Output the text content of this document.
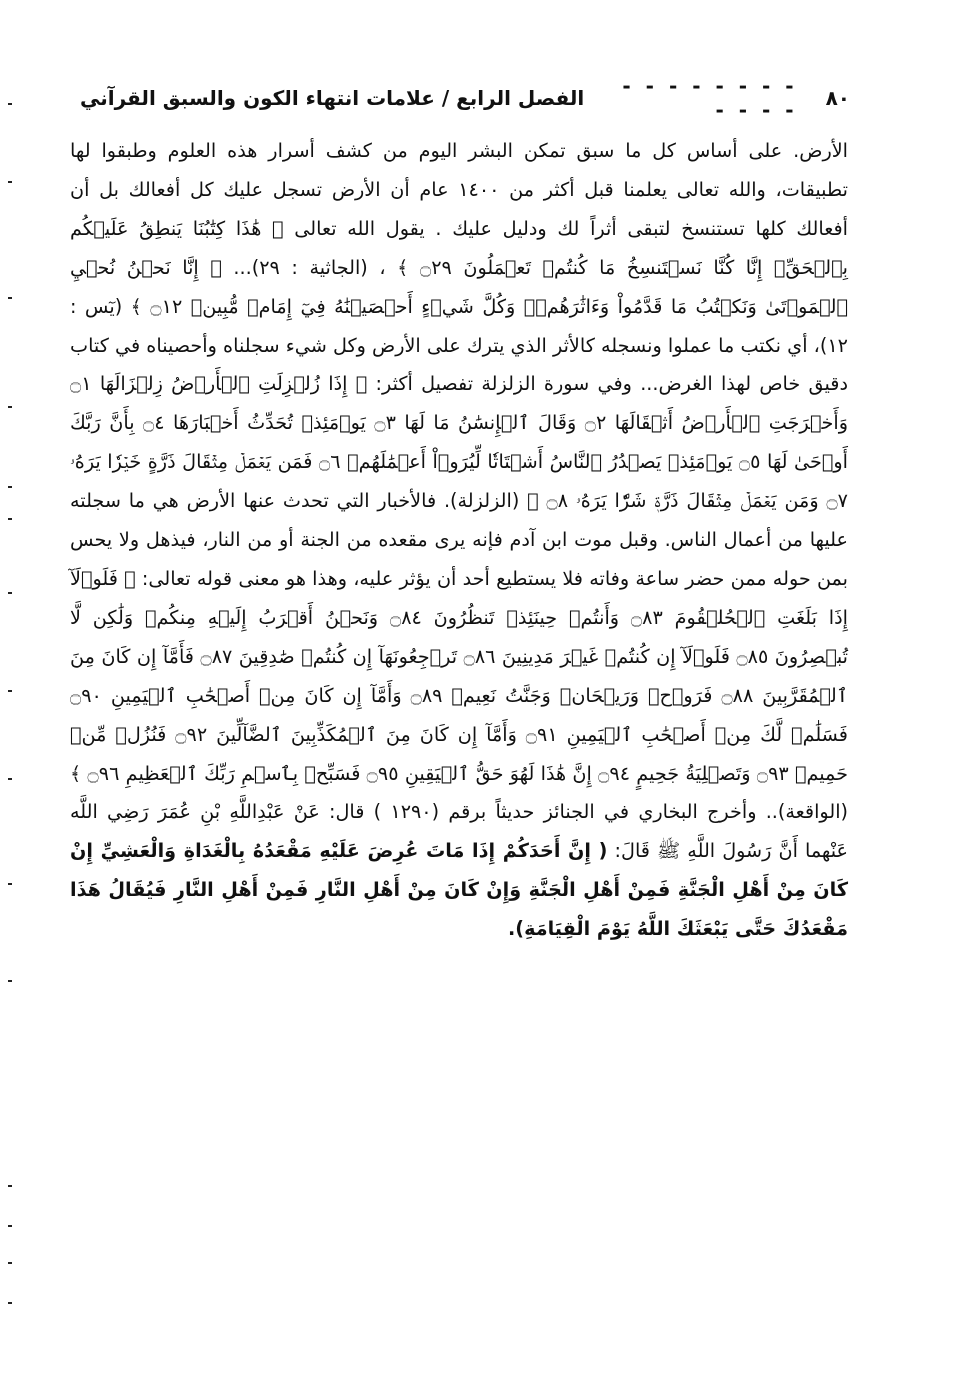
٨٠
- - - - - - - - - - - -
الفصل الرابع / علامات انتهاء الكون والسبق القرآني

الأرض. على أساس كل ما سبق تمكن البشر اليوم من كشف أسرار هذه العلوم وطبقوا لها تطبيقات، والله تعالى يعلمنا قبل أكثر من ١٤٠٠ عام أن الأرض تسجل عليك كل أفعالك بل أن أفعالك كلها تستنسخ لتبقى أثراً لك ودليل عليك . يقول الله تعالى ﴿ هَٰذَا كِتَٰبُنَا يَنطِقُ عَلَيۡكُم بِٱلۡحَقِّۚ إِنَّا كُنَّا نَسۡتَنسِخُ مَا كُنتُمۡ تَعۡمَلُونَ ۝٢٩ ﴾ ، (الجاثية : ٢٩)... ﴿ إِنَّا نَحۡنُ نُحۡيِ ٱلۡمَوۡتَىٰ وَنَكۡتُبُ مَا قَدَّمُواْ وَءَاثَٰرَهُمۡۚ وَكُلَّ شَيۡءٍ أَحۡصَيۡنَٰهُ فِيٓ إِمَامٖ مُّبِينٖ ۝١٢ ﴾ (يٓس : ١٢)، أي نكتب ما عملوا ونسجله كالأثر الذي يترك على الأرض وكل شيء سجلناه وأحصيناه في كتاب دقيق خاص لهذا الغرض... وفي سورة الزلزلة تفصيل أكثر: ﴿ إِذَا زُلۡزِلَتِ ٱلۡأَرۡضُ زِلۡزَالَهَا ۝١ وَأَخۡرَجَتِ ٱلۡأَرۡضُ أَثۡقَالَهَا ۝٢ وَقَالَ ٱلۡإِنسَٰنُ مَا لَهَا ۝٣ يَوۡمَئِذٖ تُحَدِّثُ أَخۡبَارَهَا ۝٤ بِأَنَّ رَبَّكَ أَوۡحَىٰ لَهَا ۝٥ يَوۡمَئِذٖ يَصۡدُرُ ٱلنَّاسُ أَشۡتَاتٗا لِّيُرَوۡاْ أَعۡمَٰلَهُمۡ ۝٦ فَمَن يَعۡمَلۡ مِثۡقَالَ ذَرَّةٍ خَيۡرٗا يَرَهُۥ ۝٧ وَمَن يَعۡمَلۡ مِثۡقَالَ ذَرَّةٖ شَرّٗا يَرَهُۥ ۝٨ ﴾ (الزلزلة). فالأخبار التي تحدث عنها الأرض هي ما سجلته عليها من أعمال الناس. وقبل موت ابن آدم فإنه يرى مقعده من الجنة أو من النار، فيذهل ولا يحس بمن حوله ممن حضر ساعة وفاته فلا يستطيع أحد أن يؤثر عليه، وهذا هو معنى قوله تعالى: ﴿ فَلَوۡلَآ إِذَا بَلَغَتِ ٱلۡحُلۡقُومَ ۝٨٣ وَأَنتُمۡ حِينَئِذٖ تَنظُرُونَ ۝٨٤ وَنَحۡنُ أَقۡرَبُ إِلَيۡهِ مِنكُمۡ وَلَٰكِن لَّا تُبۡصِرُونَ ۝٨٥ فَلَوۡلَآ إِن كُنتُمۡ غَيۡرَ مَدِينِينَ ۝٨٦ تَرۡجِعُونَهَآ إِن كُنتُمۡ صَٰدِقِينَ ۝٨٧ فَأَمَّآ إِن كَانَ مِنَ ٱلۡمُقَرَّبِينَ ۝٨٨ فَرَوۡحٞ وَرَيۡحَانٞ وَجَنَّتُ نَعِيمٖ ۝٨٩ وَأَمَّآ إِن كَانَ مِنۡ أَصۡحَٰبِ ٱلۡيَمِينِ ۝٩٠ فَسَلَٰمٞ لَّكَ مِنۡ أَصۡحَٰبِ ٱلۡيَمِينِ ۝٩١ وَأَمَّآ إِن كَانَ مِنَ ٱلۡمُكَذِّبِينَ ٱلضَّآلِّينَ ۝٩٢ فَنُزُلٞ مِّنۡ حَمِيمٖ ۝٩٣ وَتَصۡلِيَةُ جَحِيمٍ ۝٩٤ إِنَّ هَٰذَا لَهُوَ حَقُّ ٱلۡيَقِينِ ۝٩٥ فَسَبِّحۡ بِٱسۡمِ رَبِّكَ ٱلۡعَظِيمِ ۝٩٦ ﴾ (الواقعة).. وأخرج البخاري في الجنائز حديثاً برقم (١٢٩٠ ) قال: عَنْ عَبْدِاللَّهِ بْنِ عُمَرَ رَضِي اللَّه عَنْهما أَنَّ رَسُولَ اللَّهِ ﷺ قَالَ: ( إِنَّ أَحَدَكُمْ إِذَا مَاتَ عُرِضَ عَلَيْهِ مَقْعَدُهُ بِالْغَدَاةِ وَالْعَشِيِّ إِنْ كَانَ مِنْ أَهْلِ الْجَنَّةِ فَمِنْ أَهْلِ الْجَنَّةِ وَإِنْ كَانَ مِنْ أَهْلِ النَّارِ فَمِنْ أَهْلِ النَّارِ فَيُقَالُ هَذَا مَقْعَدُكَ حَتَّى يَبْعَثَكَ اللَّهُ يَوْمَ الْقِيَامَةِ).
